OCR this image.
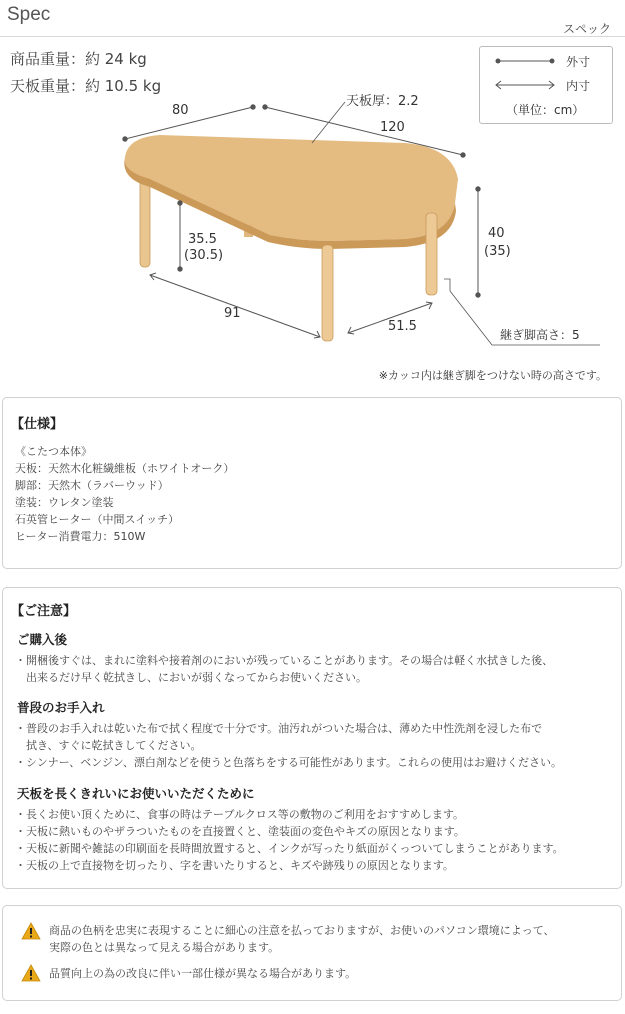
Spec
スペック
商品重量：約 24 kg
天板重量：約 10.5 kg
外寸
内寸
（単位：cm）
80
天板厚：2.2
120
40
(35)
35.5
(30.5)
91
51.5
継ぎ脚高さ：5
※カッコ内は継ぎ脚をつけない時の高さです。
【仕様】
《こたつ本体》
天板：天然木化粧繊維板（ホワイトオーク）
脚部：天然木（ラバーウッド）
塗装：ウレタン塗装
石英管ヒーター（中間スイッチ）
ヒーター消費電力：510W
【ご注意】
ご購入後
・開梱後すぐは、まれに塗料や接着剤のにおいが残っていることがあります。その場合は軽く水拭きした後、
　出来るだけ早く乾拭きし、においが弱くなってからお使いください。
普段のお手入れ
・普段のお手入れは乾いた布で拭く程度で十分です。油汚れがついた場合は、薄めた中性洗剤を浸した布で
　拭き、すぐに乾拭きしてください。
・シンナー、ベンジン、漂白剤などを使うと色落ちをする可能性があります。これらの使用はお避けください。
天板を長くきれいにお使いいただくために
・長くお使い頂くために、食事の時はテーブルクロス等の敷物のご利用をおすすめします。
・天板に熱いものやザラついたものを直接置くと、塗装面の変色やキズの原因となります。
・天板に新聞や雑誌の印刷面を長時間放置すると、インクが写ったり紙面がくっついてしまうことがあります。
・天板の上で直接物を切ったり、字を書いたりすると、キズや跡残りの原因となります。
商品の色柄を忠実に表現することに細心の注意を払っておりますが、お使いのパソコン環境によって、
実際の色とは異なって見える場合があります。
品質向上の為の改良に伴い一部仕様が異なる場合があります。
